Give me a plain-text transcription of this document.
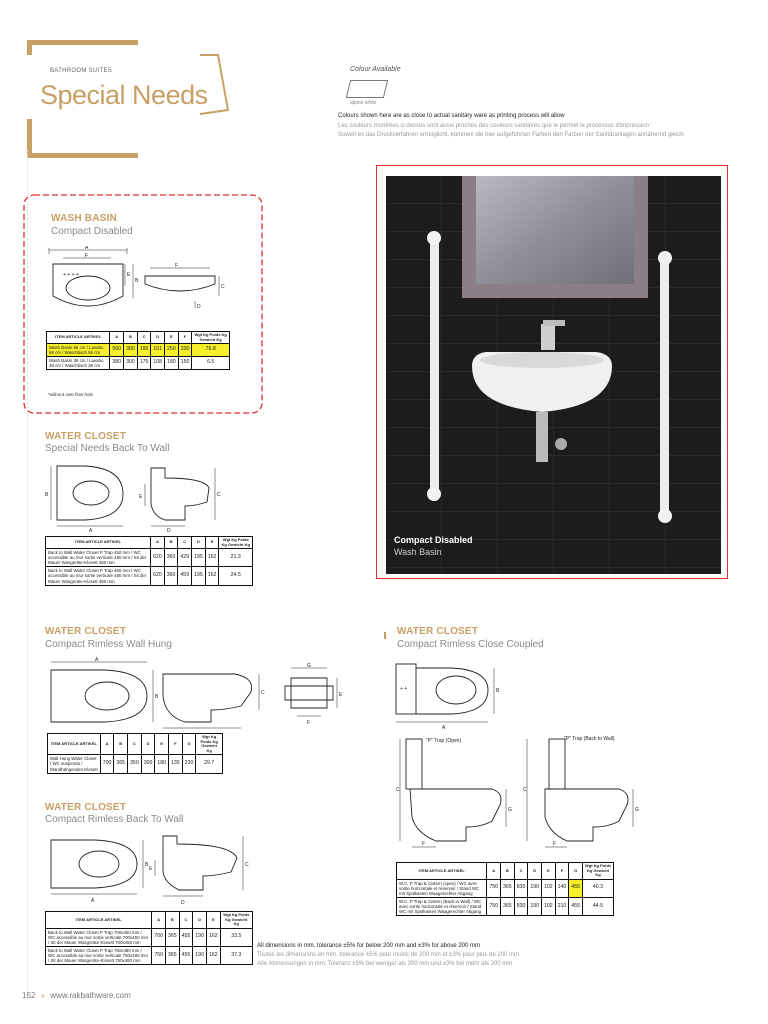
BATHROOM SUITES
Special Needs
Colour Available
alpine white
Colours shown here are as close to actual sanitary ware as printing process will allow
Les couleurs montrées ci dessus sont aussi proches des couleurs sanitaires que le permet le processus d'impression
Soweit es das Druckverfahren ermöglicht, kommen die hier aufgeführten Farben den Farben der Sanitäranlagen annähernd gleich
Compact Disabled
Wash Basin
WASH BASIN
Compact Disabled
A
F
+ + + +
B
E
F
C
D
ITEM ARTICLE ARTIKEL	A	B	C	D	E	F	Wgt Kg Poids Kg Gewicht Kg
Wash Basin 56 cm / Lavabo 56 cm / Waschtisch 56 cm	560	380	195	101	250	200	76.8
Wash Basin 38 cm / Lavabo 38 cm / Waschtisch 38 cm	380	300	175	108	180	150	6.5
*without over flow hole
WATER CLOSET
Special Needs Back To Wall
A
B	C
E
D
ITEM ARTICLE ARTIKEL	A	B	C	D	E	Wgt Kg Poids Kg Gewicht Kg
Back to Wall Water Closet P Trap 450 mm / WC accessible au mur sortie verticale 450 mm / Sit der Mauer Wasgeräte-Klosett 450 mm	620	360	429	195	162	21.3
Back to Wall Water Closet P Trap 480 mm / WC accessible au mur sortie verticale 480 mm / Sit der Mauer Wasgeräte-Klosett 480 mm	620	360	459	195	162	24.5
WATER CLOSET
Compact Rimless Wall Hung
A
B
C
G
E
F
ITEM ARTICLE ARTIKEL	A	B	C	D	E	F	G	Wgt Kg Poids Kg Gewicht Kg
Wall Hung Water Closet / WC suspendu / Wandhängendes Klosett	700	365	350	300	180	135	230	29.7
WATER CLOSET
Compact Rimless Back To Wall
A
B	C
E
D
ITEM ARTICLE ARTIKEL	A	B	C	D	E	Wgt Kg Poids Kg Gewicht Kg
Back to Wall Water Closet P Trap 700x450 mm / WC accessible au mur sortie verticale 700x450 mm / Sit der Mauer Wasgeräte-Klosett 700x450 mm	700	365	455	190	162	33.5
Back to Wall Water Closet P Trap 750x480 mm / WC accessible au mur sortie verticale 750x480 mm / Sit der Mauer Wasgeräte-Klosett 750x480 mm	750	365	455	190	162	37.3
WATER CLOSET
Compact Rimless Close Coupled
+ +
A
B
"P" Trap (Open)	"P" Trap (Back to Wall)
C
G
F
C
G
F
ITEM ARTICLE ARTIKEL	A	B	C	D	E	F	G	Wgt Kg Poids Kg Gewicht Kg
W.C. P Trap & Cistern (open) / WC avec sortie horizontale et réservoir / Stand WC mit Spülkasten Waagerechter Abgang	750	365	830	190	102	140	455	40.3
W.C. P Trap & Cistern (Back to Wall) / WC avec sortie horizontale et réservoir / Stand WC mit Spülkasten Waagerechter Abgang	750	365	830	190	102	210	455	44.5
All dimensions in mm. tolerance ±5% for below 200 mm and ±3% for above 200 mm
Toutes les dimensions en mm. tolérance ±5% pour moins de 200 mm et ±3% pour plus de 200 mm
Alle Abmessungen in mm. Toleranz ±5% bei weniger als 200 mm und ±3% bei mehr als 200 mm
152 » www.rakbathware.com
